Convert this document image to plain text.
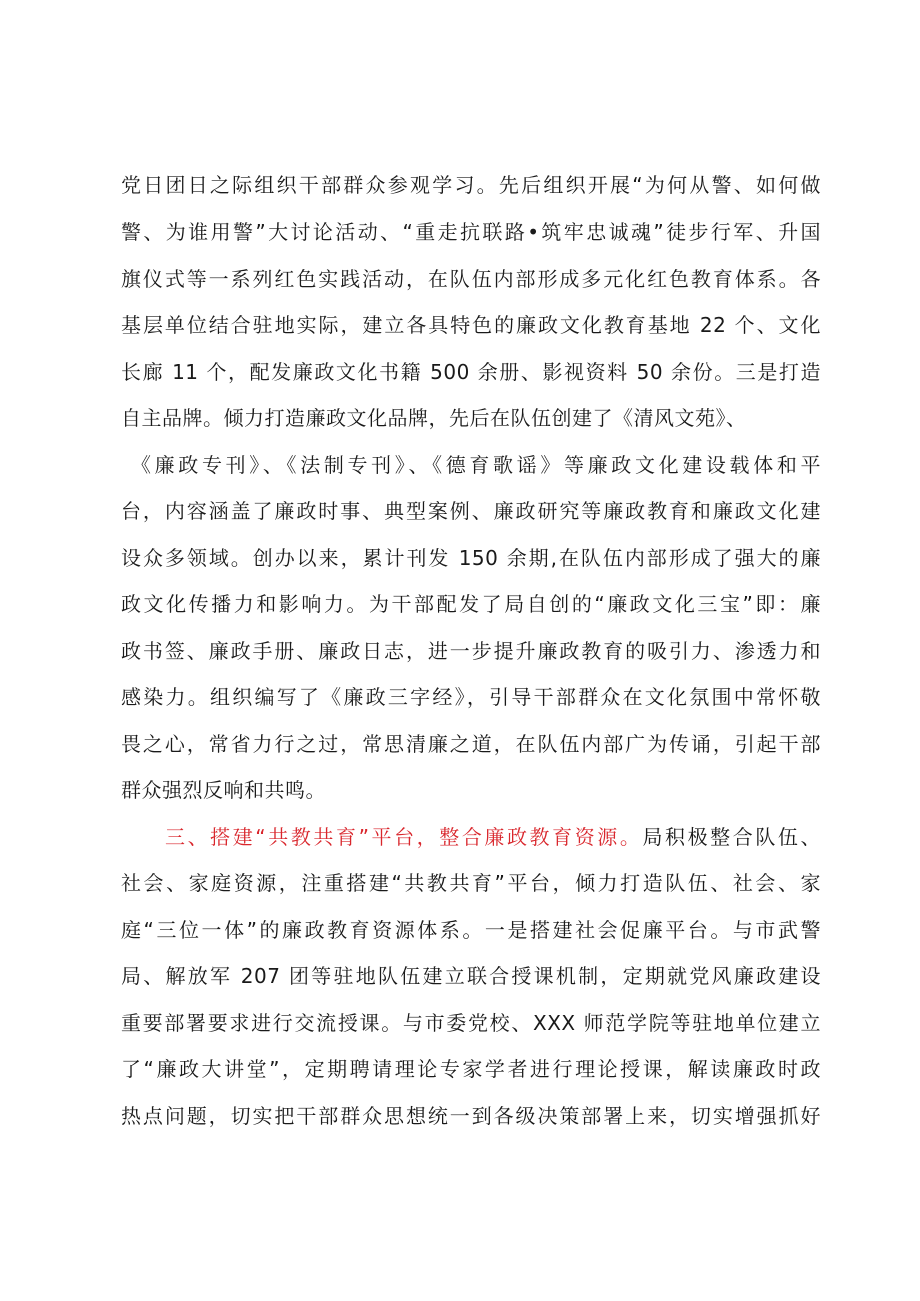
党日团日之际组织干部群众参观学习。先后组织开展“为何从警、如何做
警、为谁用警”大讨论活动、“重走抗联路•筑牢忠诚魂”徒步行军、升国
旗仪式等一系列红色实践活动，在队伍内部形成多元化红色教育体系。各
基层单位结合驻地实际，建立各具特色的廉政文化教育基地 22 个、文化
长廊 11 个，配发廉政文化书籍 500 余册、影视资料 50 余份。三是打造
自主品牌。倾力打造廉政文化品牌，先后在队伍创建了《清风文苑》、
《廉政专刊》、《法制专刊》、《德育歌谣》等廉政文化建设载体和平
台，内容涵盖了廉政时事、典型案例、廉政研究等廉政教育和廉政文化建
设众多领域。创办以来，累计刊发 150 余期,在队伍内部形成了强大的廉
政文化传播力和影响力。为干部配发了局自创的“廉政文化三宝”即：廉
政书签、廉政手册、廉政日志，进一步提升廉政教育的吸引力、渗透力和
感染力。组织编写了《廉政三字经》，引导干部群众在文化氛围中常怀敬
畏之心，常省力行之过，常思清廉之道，在队伍内部广为传诵，引起干部
群众强烈反响和共鸣。
三、搭建“共教共育”平台，整合廉政教育资源。局积极整合队伍、
社会、家庭资源，注重搭建“共教共育”平台，倾力打造队伍、社会、家
庭“三位一体”的廉政教育资源体系。一是搭建社会促廉平台。与市武警
局、解放军 207 团等驻地队伍建立联合授课机制，定期就党风廉政建设
重要部署要求进行交流授课。与市委党校、XXX 师范学院等驻地单位建立
了“廉政大讲堂”，定期聘请理论专家学者进行理论授课，解读廉政时政
热点问题，切实把干部群众思想统一到各级决策部署上来，切实增强抓好
